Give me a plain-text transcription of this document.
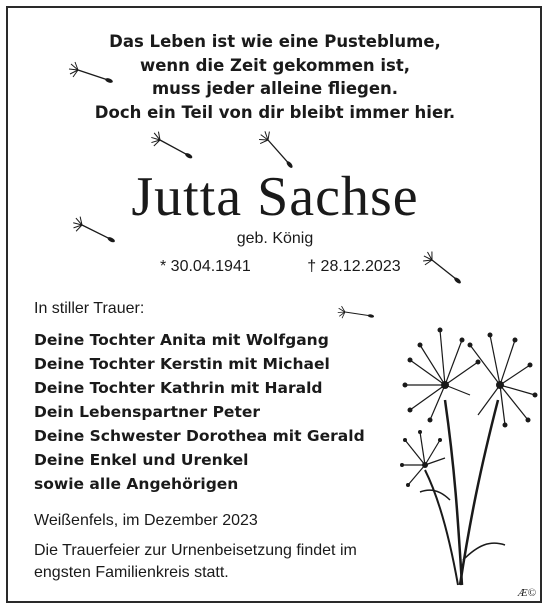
Das Leben ist wie eine Pusteblume,
wenn die Zeit gekommen ist,
muss jeder alleine fliegen.
Doch ein Teil von dir bleibt immer hier.
Jutta Sachse
geb. König
* 30.04.1941	† 28.12.2023
In stiller Trauer:
Deine Tochter Anita mit Wolfgang
Deine Tochter Kerstin mit Michael
Deine Tochter Kathrin mit Harald
Dein Lebenspartner Peter
Deine Schwester Dorothea mit Gerald
Deine Enkel und Urenkel
sowie alle Angehörigen
Weißenfels, im Dezember 2023
Die Trauerfeier zur Urnenbeisetzung findet im
engsten Familienkreis statt.
Æ©
